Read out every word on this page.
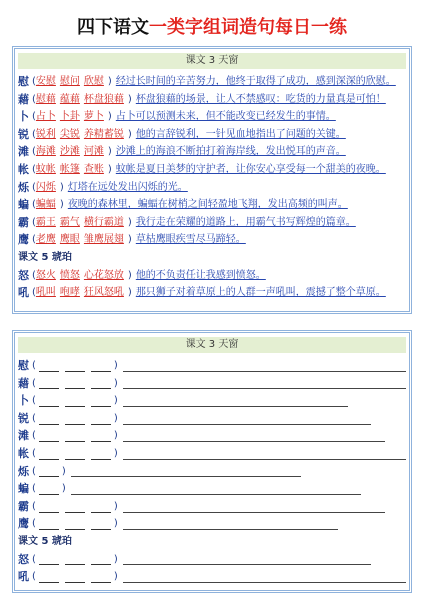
四下语文一类字组词造句每日一练
课文 3 天窗
慰 ( 安慰 慰问 欣慰 ) 经过长时间的辛苦努力，他终于取得了成功，感到深深的欣慰。
藉 ( 慰藉 蕴藉 杯盘狼藉 ) 杯盘狼藉的场景，让人不禁感叹：吃货的力量真是可怕！
卜 ( 占卜 卜卦 萝卜 ) 占卜可以预测未来，但不能改变已经发生的事情。
锐 ( 锐利 尖锐 养精蓄锐 ) 他的言辞锐利，一针见血地指出了问题的关键。
滩 ( 海滩 沙滩 河滩 ) 沙滩上的海浪不断拍打着海岸线，发出悦耳的声音。
帐 ( 蚊帐 帐篷 查账 ) 蚊帐是夏日美梦的守护者，让你安心享受每一个甜美的夜晚。
烁 ( 闪烁 ) 灯塔在远处发出闪烁的光。
蝙 ( 蝙蝠 ) 夜晚的森林里，蝙蝠在树梢之间轻盈地飞翔，发出高频的叫声。
霸 ( 霸王 霸气 横行霸道 ) 我行走在荣耀的道路上，用霸气书写辉煌的篇章。
鹰 ( 老鹰 鹰眼 雏鹰展翅 ) 草枯鹰眼疾雪尽马蹄轻。
课文 5 琥珀
怒 ( 怒火 愤怒 心花怒放 ) 他的不负责任让我感到愤怒。
吼 ( 吼叫 咆哮 狂风怒吼 ) 那只狮子对着草原上的人群一声吼叫，震撼了整个草原。
课文 3 天窗
慰 (	)
藉 (	)
卜 (	)
锐 (	)
滩 (	)
帐 (	)
烁 (	)
蝙 (	)
霸 (	)
鹰 (	)
课文 5 琥珀
怒 (	)
吼 (	)
